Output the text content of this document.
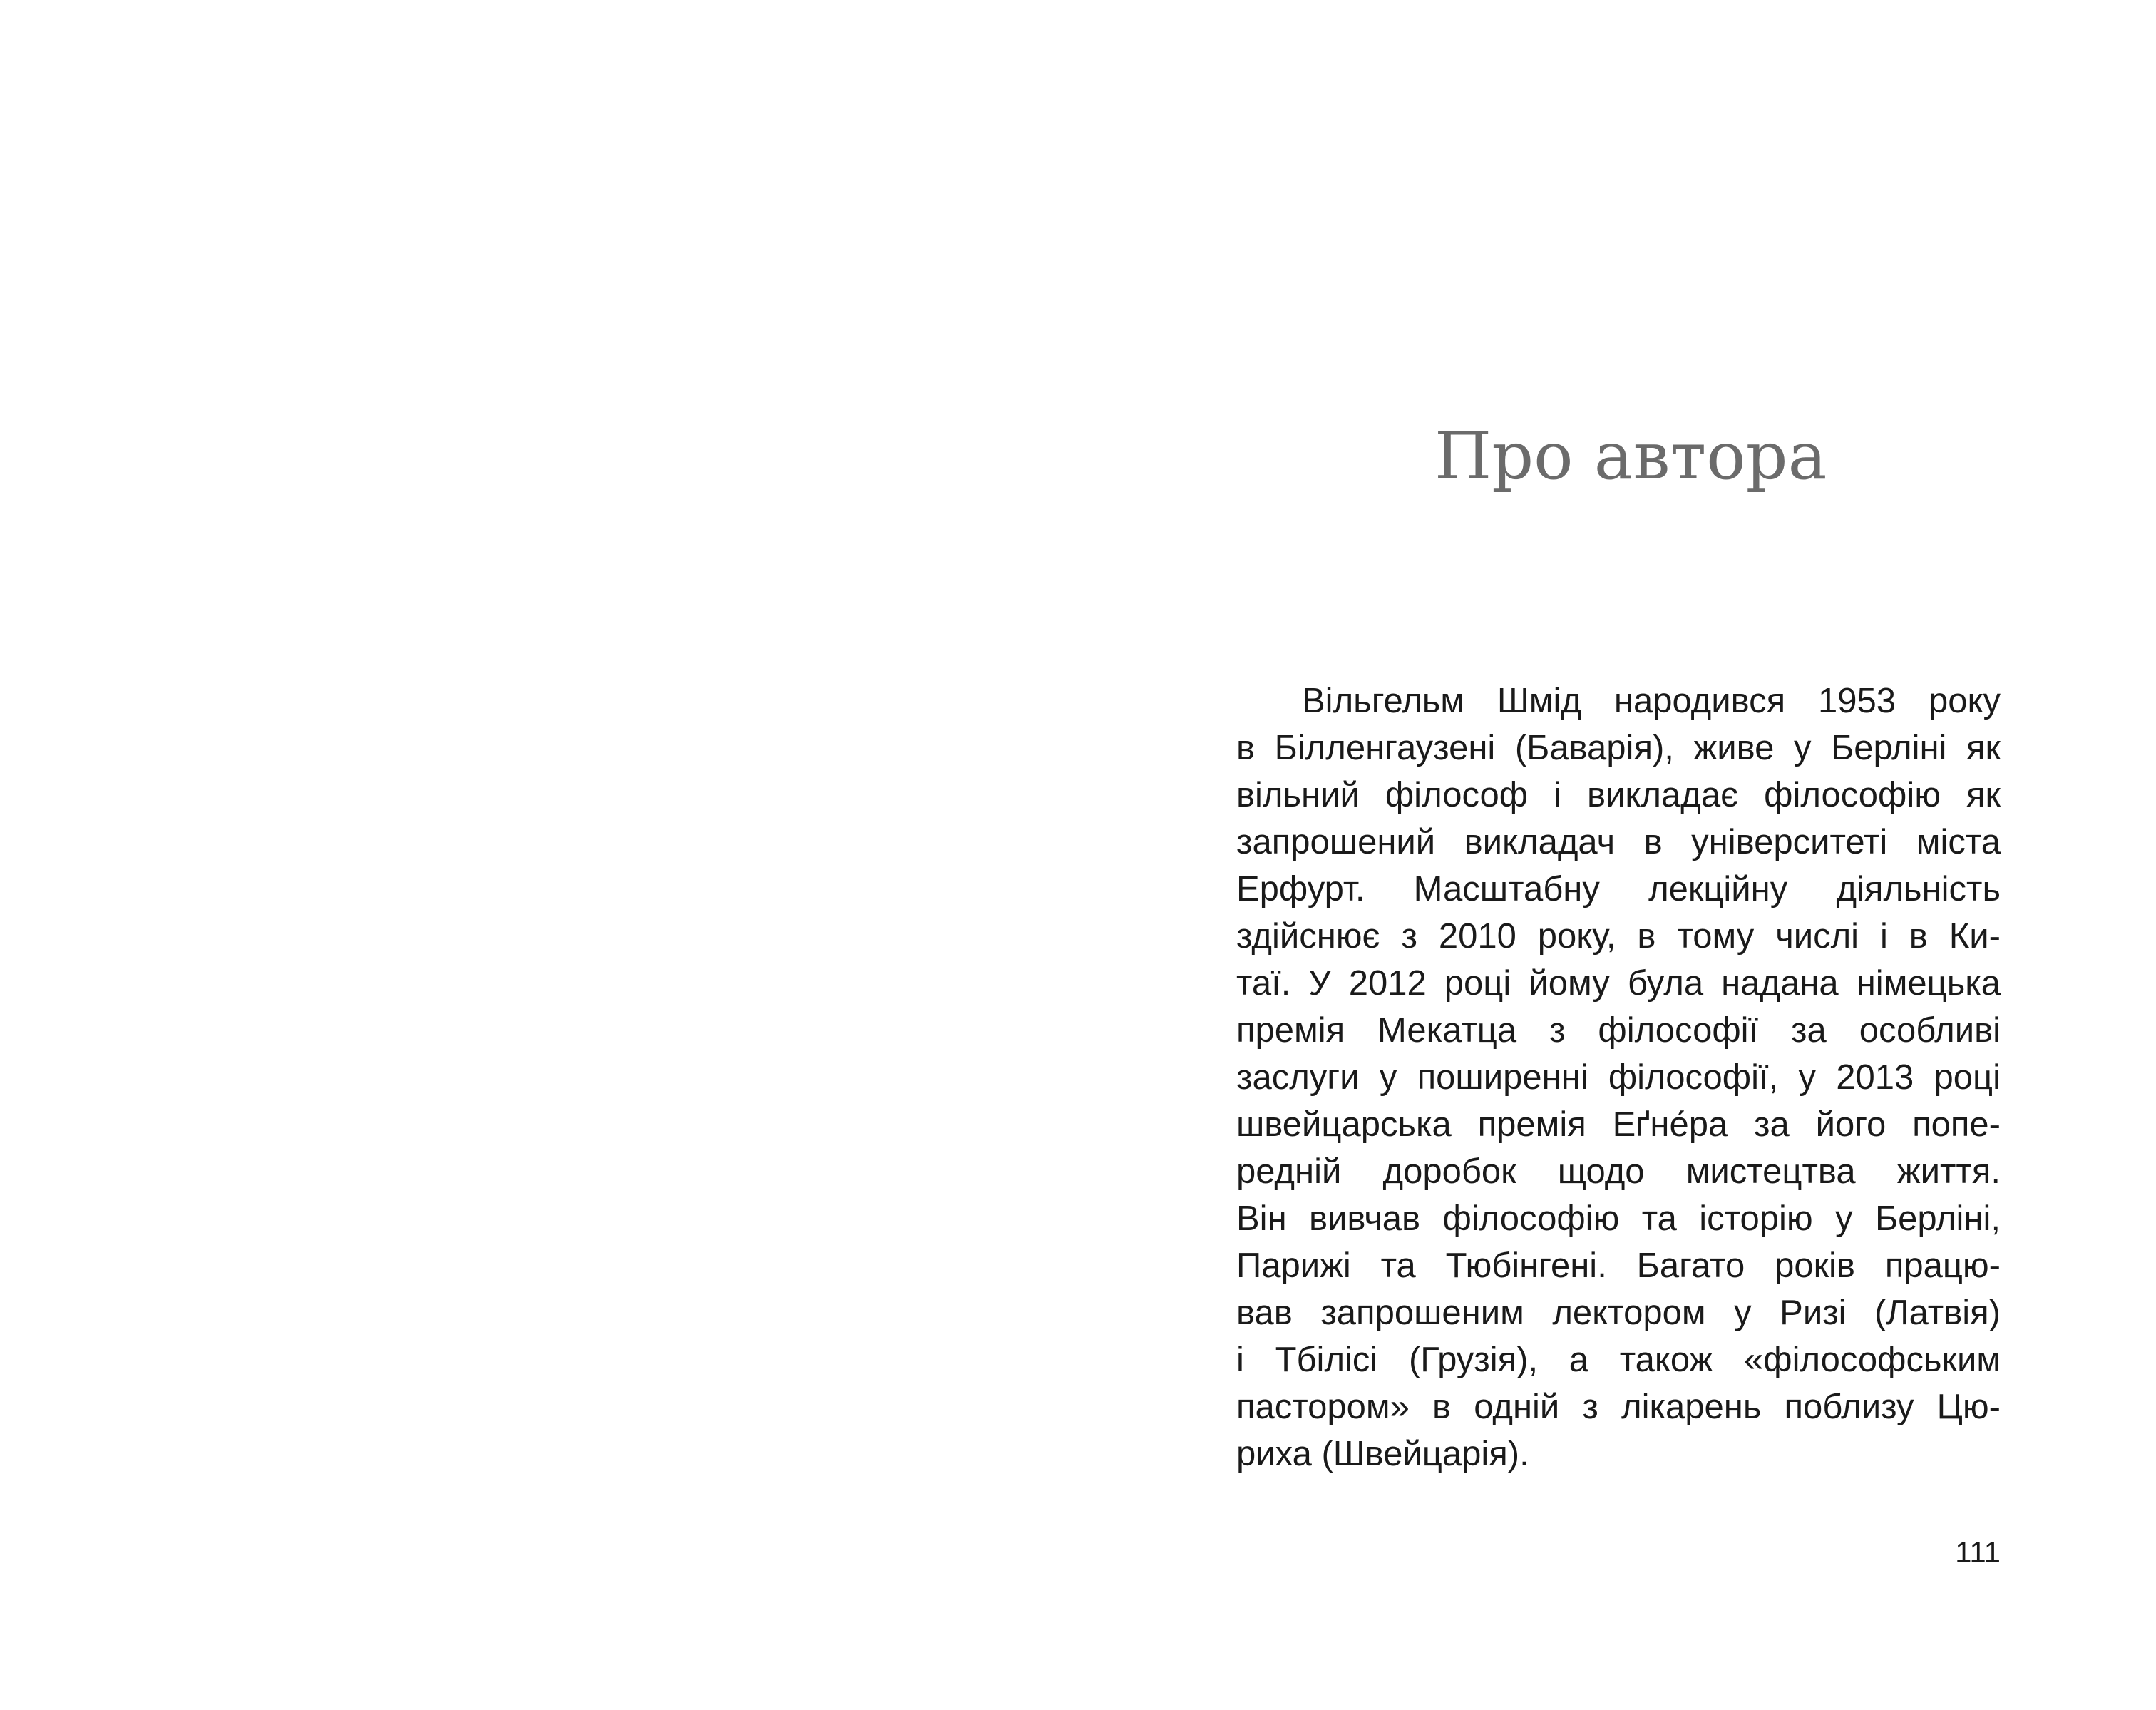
Про автора
Вільгельм Шмід народився 1953 року
в Білленгаузені (Баварія), живе у Берліні як
вільний філософ і викладає філософію як
запрошений викладач в університеті міста
Ерфурт. Масштабну лекційну діяльність
здійснює з 2010 року, в тому числі і в Ки-
таї. У 2012 році йому була надана німецька
премія Мекатца з філософії за особливі
заслуги у поширенні філософії, у 2013 році
швейцарська премія Еґне́ра за його попе-
редній доробок щодо мистецтва життя.
Він вивчав філософію та історію у Берліні,
Парижі та Тюбінгені. Багато років працю-
вав запрошеним лектором у Ризі (Латвія)
і Тбілісі (Грузія), а також «філософським
пастором» в одній з лікарень поблизу Цю-
риха (Швейцарія).
111
